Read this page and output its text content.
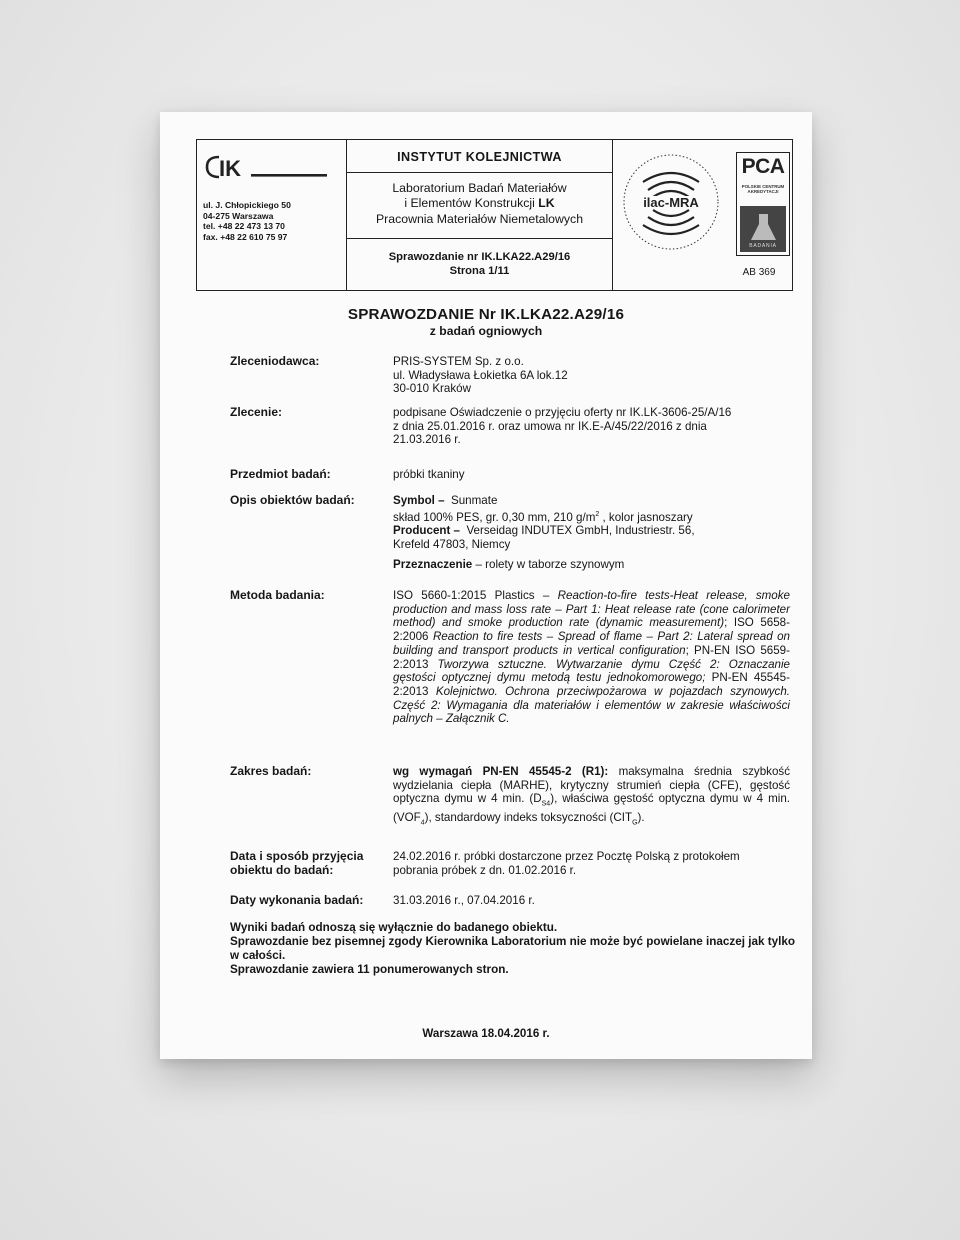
IK
ul. J. Chłopickiego 50
04-275 Warszawa
tel. +48 22 473 13 70
fax. +48 22 610 75 97
INSTYTUT KOLEJNICTWA
Laboratorium Badań Materiałów
i Elementów Konstrukcji LK
Pracownia Materiałów Niemetalowych
Sprawozdanie nr IK.LKA22.A29/16
Strona 1/11
ilac-MRA
PCA
POLSKIE CENTRUM
AKREDYTACJI
BADANIA
AB 369
SPRAWOZDANIE Nr IK.LKA22.A29/16
z badań ogniowych
Zleceniodawca:	PRIS-SYSTEM Sp. z o.o.
ul. Władysława Łokietka 6A lok.12
30-010 Kraków
Zlecenie:	podpisane Oświadczenie o przyjęciu oferty nr IK.LK-3606-25/A/16
z dnia 25.01.2016 r. oraz umowa nr IK.E-A/45/22/2016 z dnia
21.03.2016 r.
Przedmiot badań:	próbki tkaniny
Opis obiektów badań:	Symbol – Sunmate
skład 100% PES, gr. 0,30 mm, 210 $g/m^2$ , kolor jasnoszary
Producent – Verseidag INDUTEX GmbH, Industriestr. 56,
Krefeld 47803, Niemcy
Przeznaczenie – rolety w taborze szynowym
Metoda badania:	ISO 5660-1:2015 Plastics – Reaction-to-fire tests-Heat release, smoke production and mass loss rate – Part 1: Heat release rate (cone calorimeter method) and smoke production rate (dynamic measurement); ISO 5658-2:2006 Reaction to fire tests – Spread of flame – Part 2: Lateral spread on building and transport products in vertical configuration; PN-EN ISO 5659-2:2013 Tworzywa sztuczne. Wytwarzanie dymu Część 2: Oznaczanie gęstości optycznej dymu metodą testu jednokomorowego; PN-EN 45545-2:2013 Kolejnictwo. Ochrona przeciwpożarowa w pojazdach szynowych. Część 2: Wymagania dla materiałów i elementów w zakresie właściwości palnych – Załącznik C.
Zakres badań:	wg wymagań PN-EN 45545-2 (R1): maksymalna średnia szybkość wydzielania ciepła (MARHE), krytyczny strumień ciepła (CFE), gęstość optyczna dymu w 4 min. $(D_{S4})$, właściwa gęstość optyczna dymu w 4 min. $(VOF_4)$, standardowy indeks toksyczności $(CIT_G)$.
Data i sposób przyjęcia
obiektu do badań:
24.02.2016 r. próbki dostarczone przez Pocztę Polską z protokołem
pobrania próbek z dn. 01.02.2016 r.
Daty wykonania badań:	31.03.2016 r., 07.04.2016 r.
Wyniki badań odnoszą się wyłącznie do badanego obiektu.
Sprawozdanie bez pisemnej zgody Kierownika Laboratorium nie może być powielane inaczej jak tylko w całości.
Sprawozdanie zawiera 11 ponumerowanych stron.
Warszawa 18.04.2016 r.
